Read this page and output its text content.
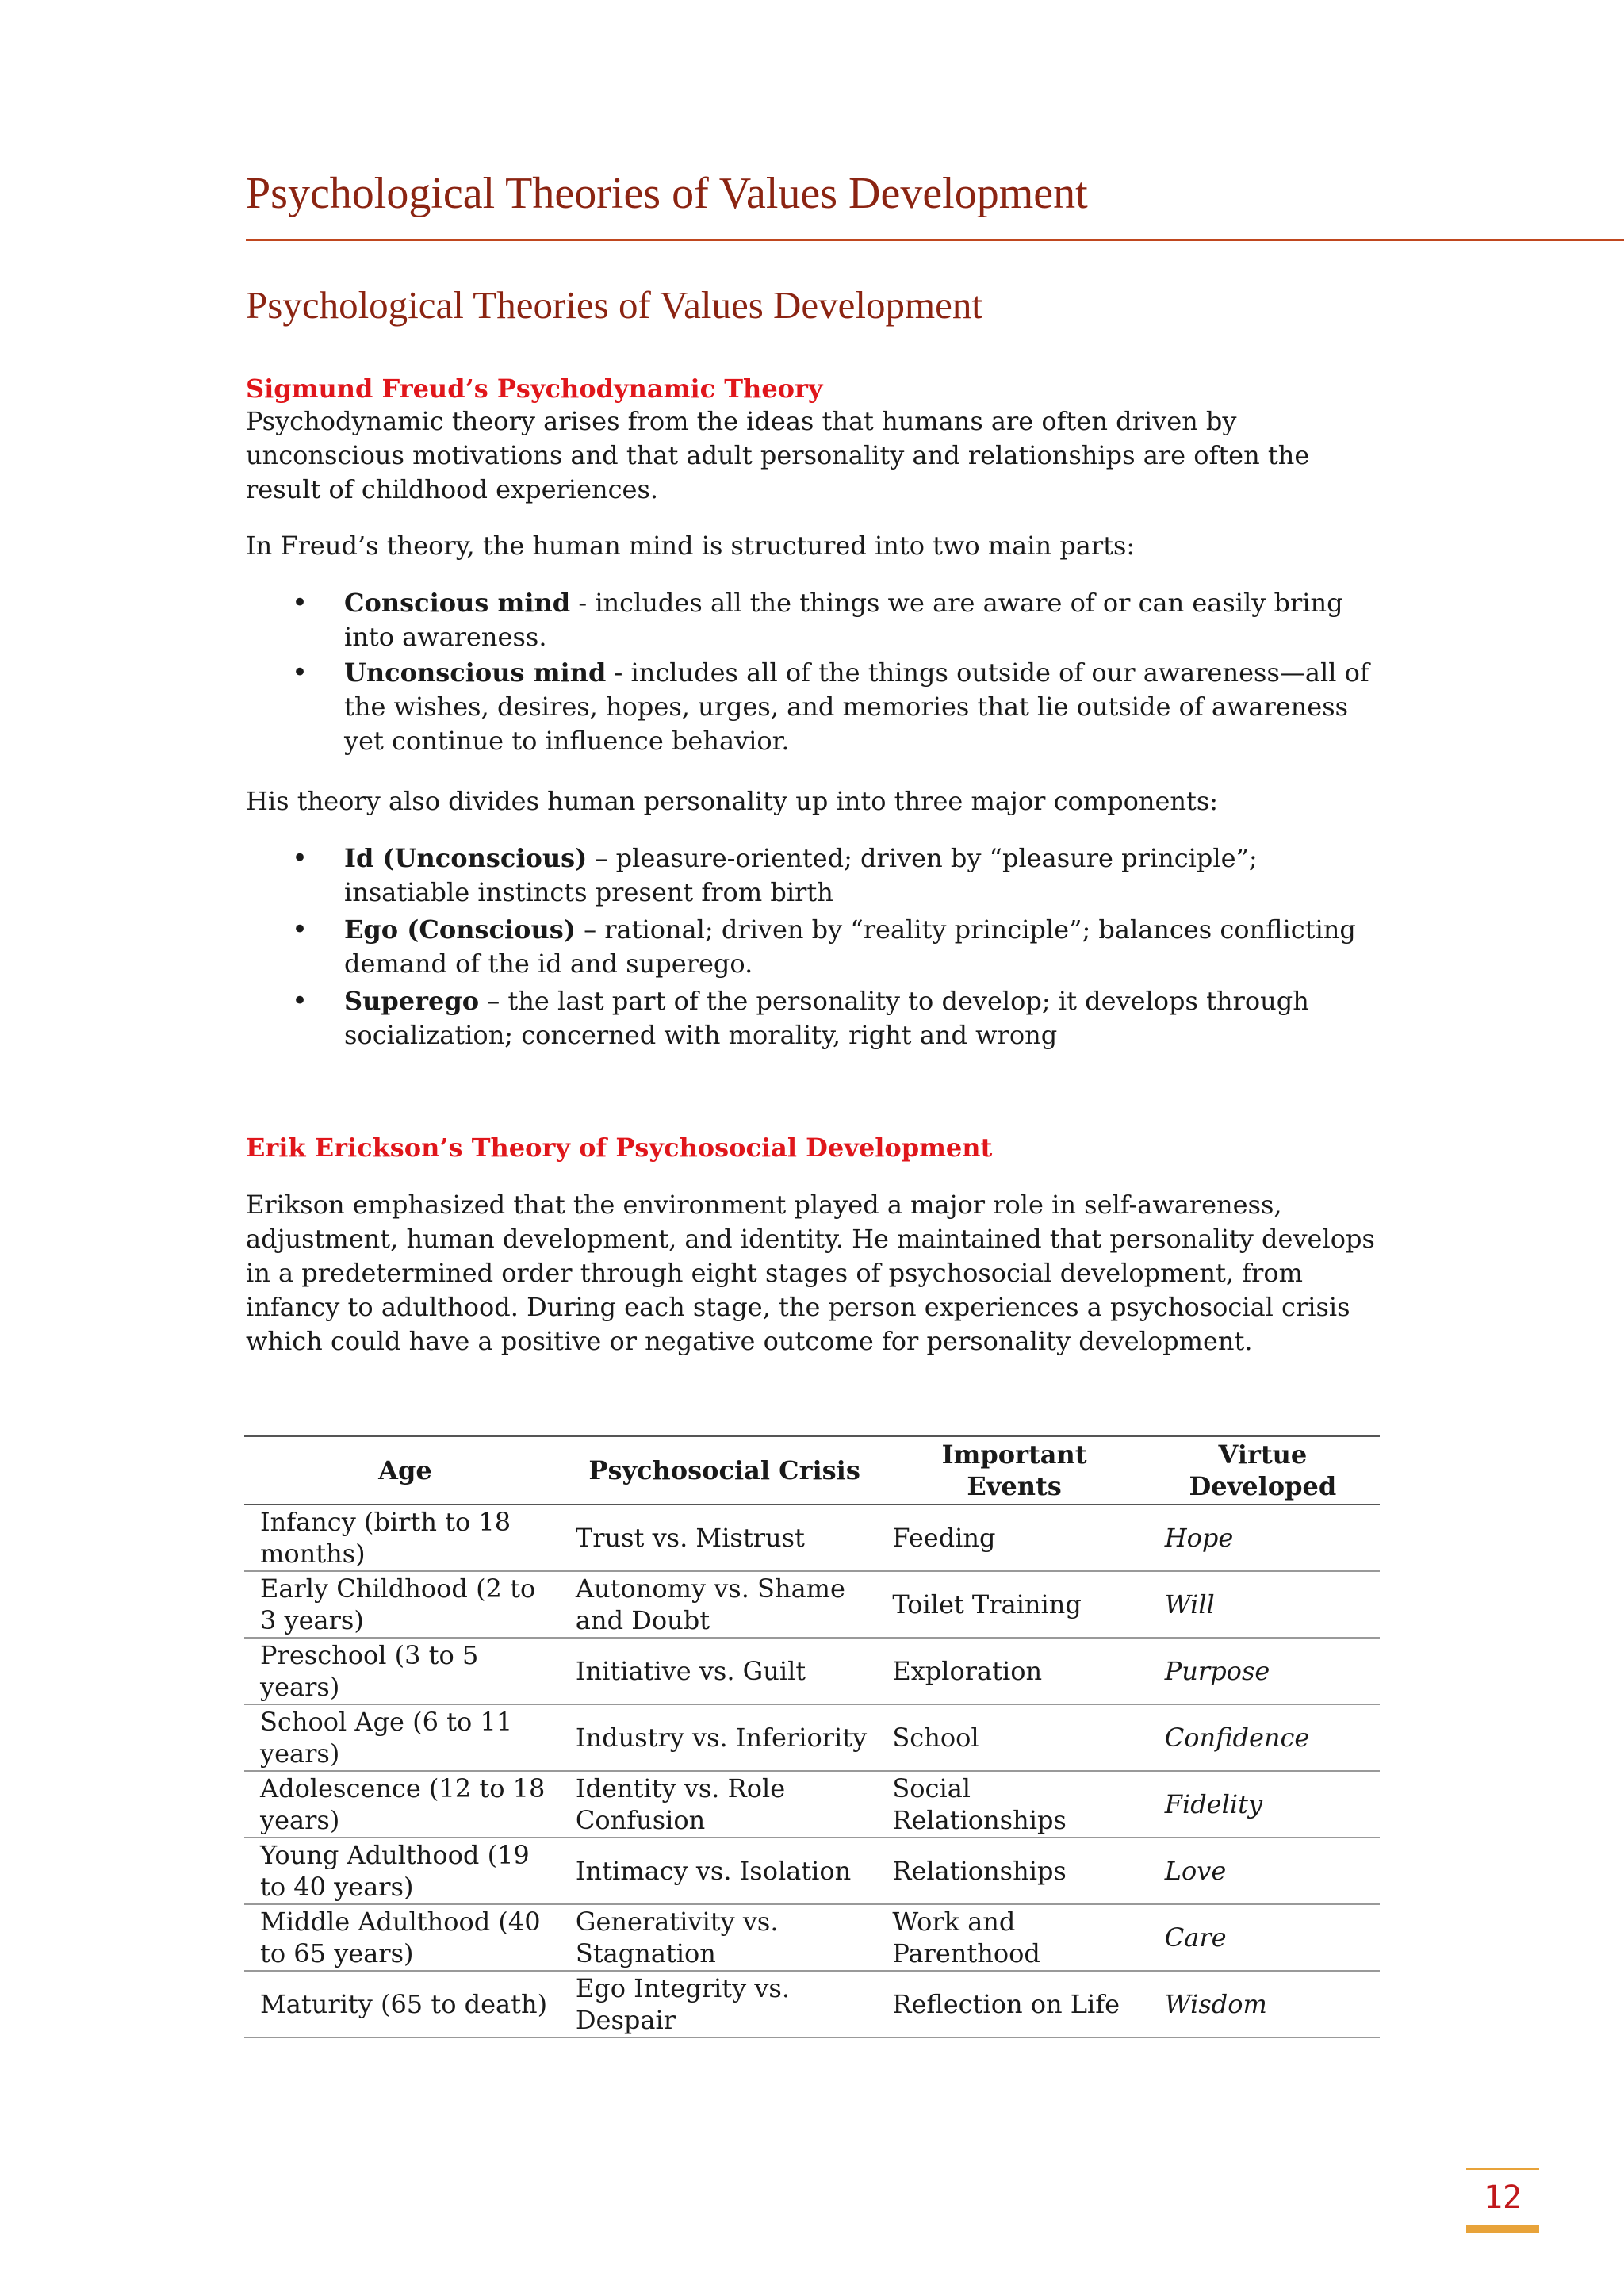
Psychological Theories of Values Development
Psychological Theories of Values Development

Sigmund Freud’s Psychodynamic Theory

Psychodynamic theory arises from the ideas that humans are often driven by unconscious motivations and that adult personality and relationships are often the result of childhood experiences.

In Freud’s theory, the human mind is structured into two main parts:

• Conscious mind - includes all the things we are aware of or can easily bring into awareness.
• Unconscious mind - includes all of the things outside of our awareness—all of the wishes, desires, hopes, urges, and memories that lie outside of awareness yet continue to influence behavior.

His theory also divides human personality up into three major components:

• Id (Unconscious) – pleasure-oriented; driven by “pleasure principle”; insatiable instincts present from birth
• Ego (Conscious) – rational; driven by “reality principle”; balances conflicting demand of the id and superego.
• Superego – the last part of the personality to develop; it develops through socialization; concerned with morality, right and wrong

Erik Erickson’s Theory of Psychosocial Development

Erikson emphasized that the environment played a major role in self-awareness, adjustment, human development, and identity. He maintained that personality develops in a predetermined order through eight stages of psychosocial development, from infancy to adulthood. During each stage, the person experiences a psychosocial crisis which could have a positive or negative outcome for personality development.

Age	Psychosocial Crisis	Important Events	Virtue Developed
Infancy (birth to 18 months)	Trust vs. Mistrust	Feeding	Hope
Early Childhood (2 to 3 years)	Autonomy vs. Shame and Doubt	Toilet Training	Will
Preschool (3 to 5 years)	Initiative vs. Guilt	Exploration	Purpose
School Age (6 to 11 years)	Industry vs. Inferiority	School	Confidence
Adolescence (12 to 18 years)	Identity vs. Role Confusion	Social Relationships	Fidelity
Young Adulthood (19 to 40 years)	Intimacy vs. Isolation	Relationships	Love
Middle Adulthood (40 to 65 years)	Generativity vs. Stagnation	Work and Parenthood	Care
Maturity (65 to death)	Ego Integrity vs. Despair	Reflection on Life	Wisdom
12
